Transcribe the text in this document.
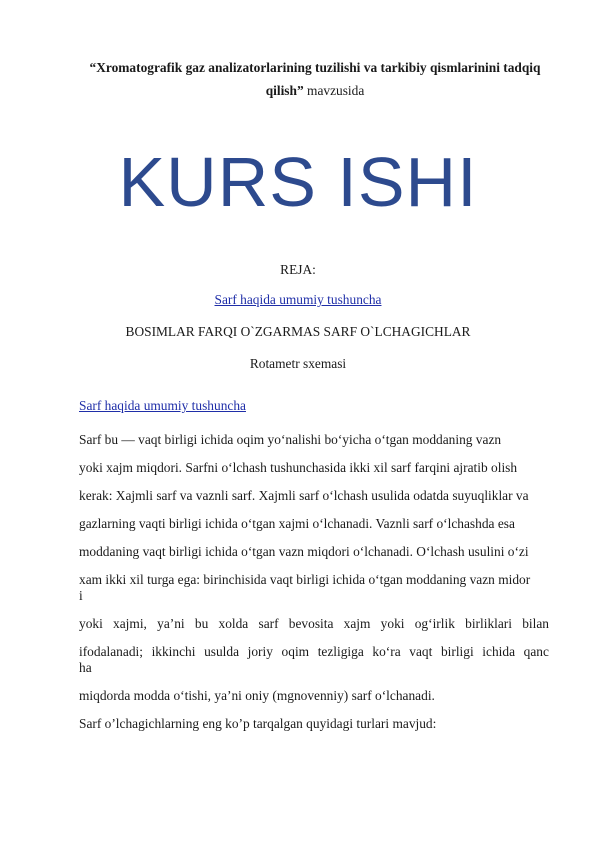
“Xromatografik gaz analizatorlarining tuzilishi va tarkibiy qismlarinini tadqiq qilish” mavzusida
KURS ISHI
REJA:
Sarf haqida umumiy tushuncha
BOSIMLAR FARQI O`ZGARMAS SARF O`LCHAGICHLAR
Rotametr sxemasi
Sarf haqida umumiy tushuncha
Sarf bu — vaqt birligi ichida oqim yo‘nalishi bo‘yicha o‘tgan moddaning vazn
yoki xajm miqdori. Sarfni o‘lchash tushunchasida ikki xil sarf farqini ajratib olish
kerak: Xajmli sarf va vaznli sarf. Xajmli sarf o‘lchash usulida odatda suyuqliklar va
gazlarning vaqti birligi ichida o‘tgan xajmi o‘lchanadi. Vaznli sarf o‘lchashda esa
moddaning vaqt birligi ichida o‘tgan vazn miqdori o‘lchanadi. O‘lchash usulini o‘zi
xam ikki xil turga ega: birinchisida vaqt birligi ichida o‘tgan moddaning vazn midor
i
yoki xajmi, ya’ni bu xolda sarf bevosita xajm yoki og‘irlik birliklari bilan
ifodalanadi; ikkinchi usulda joriy oqim tezligiga ko‘ra vaqt birligi ichida qanc
ha
miqdorda modda o‘tishi, ya’ni oniy (mgnovenniy) sarf o‘lchanadi.
Sarf o’lchagichlarning eng ko’p tarqalgan quyidagi turlari mavjud:
